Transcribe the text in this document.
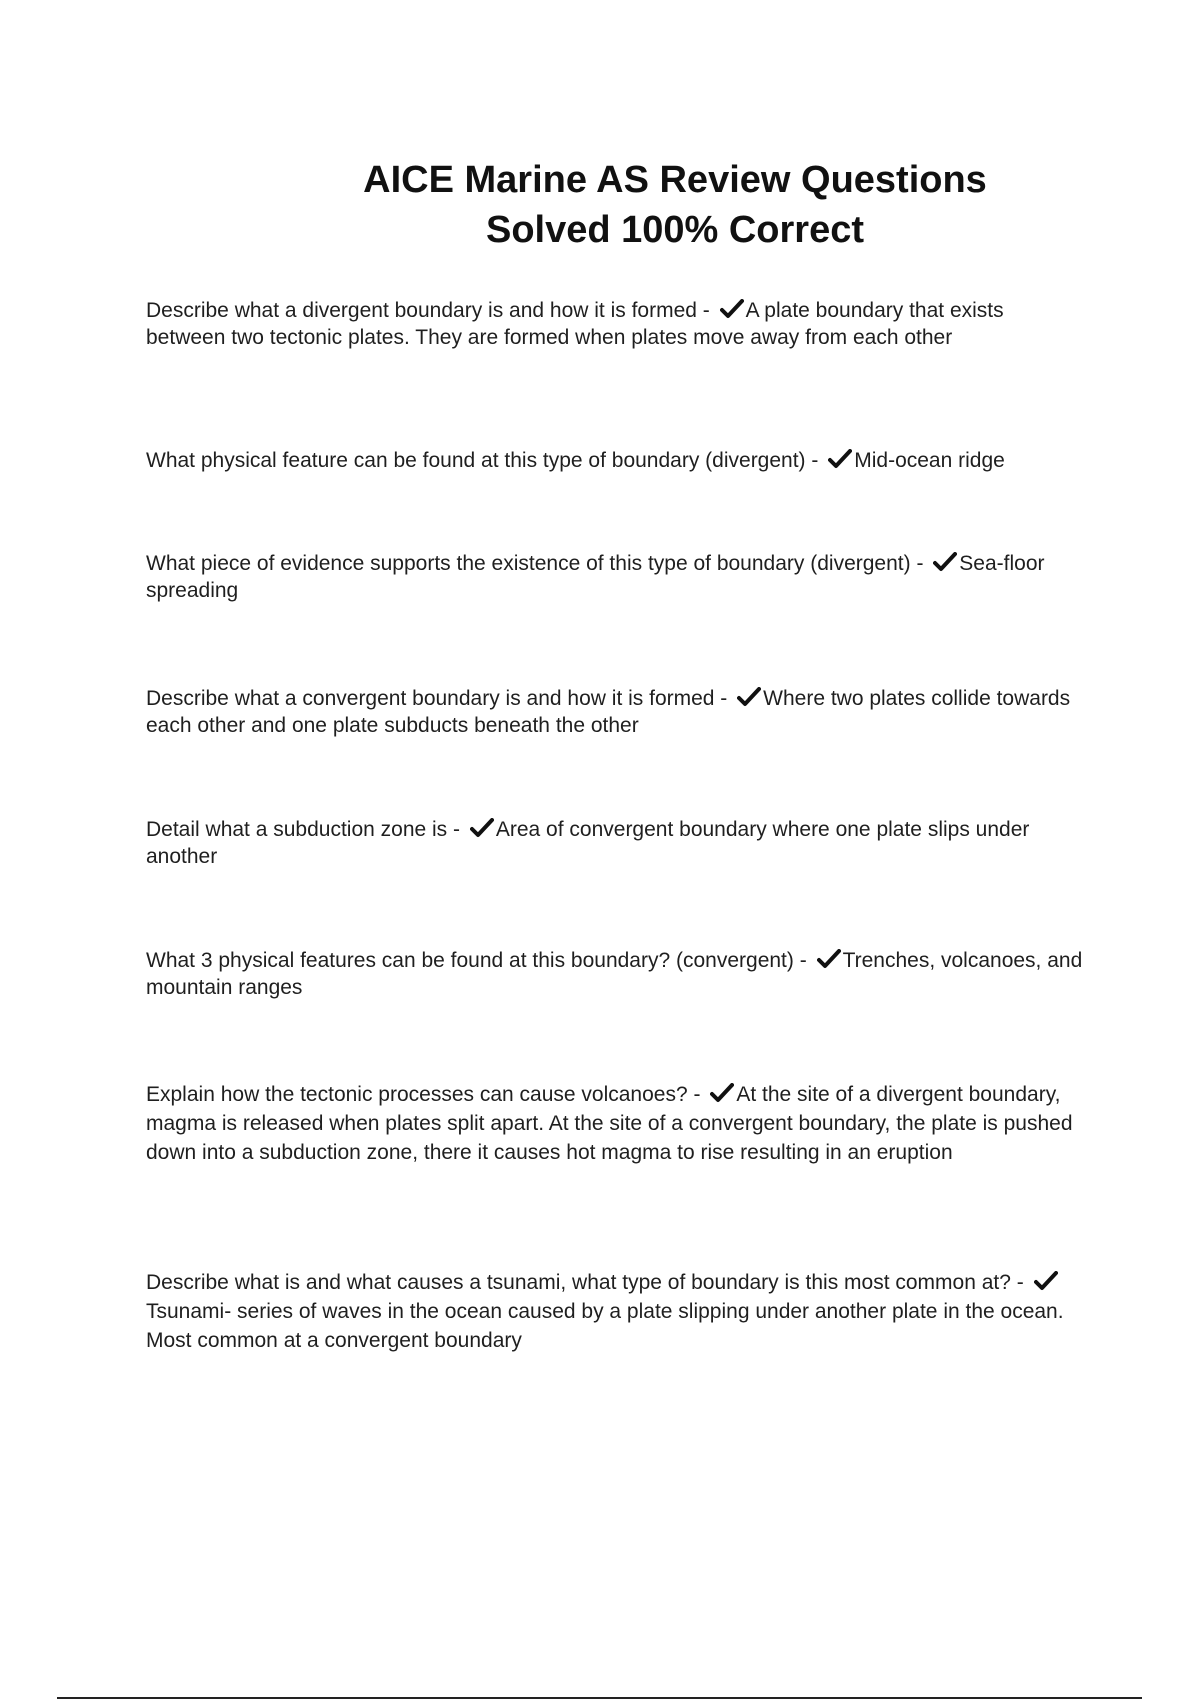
AICE Marine AS Review Questions
Solved 100% Correct
Describe what a divergent boundary is and how it is formed -
A plate boundary that exists between two tectonic plates. They are formed when plates move away from each other
What physical feature can be found at this type of boundary (divergent) -
Mid-ocean ridge
What piece of evidence supports the existence of this type of boundary (divergent) -
Sea-floor spreading
Describe what a convergent boundary is and how it is formed -
Where two plates collide towards each other and one plate subducts beneath the other
Detail what a subduction zone is -
Area of convergent boundary where one plate slips under another
What 3 physical features can be found at this boundary? (convergent) -
Trenches, volcanoes, and mountain ranges
Explain how the tectonic processes can cause volcanoes? -
At the site of a divergent boundary, magma is released when plates split apart. At the site of a convergent boundary, the plate is pushed down into a subduction zone, there it causes hot magma to rise resulting in an eruption
Describe what is and what causes a tsunami, what type of boundary is this most common at? -
Tsunami- series of waves in the ocean caused by a plate slipping under another plate in the ocean. Most common at a convergent boundary
